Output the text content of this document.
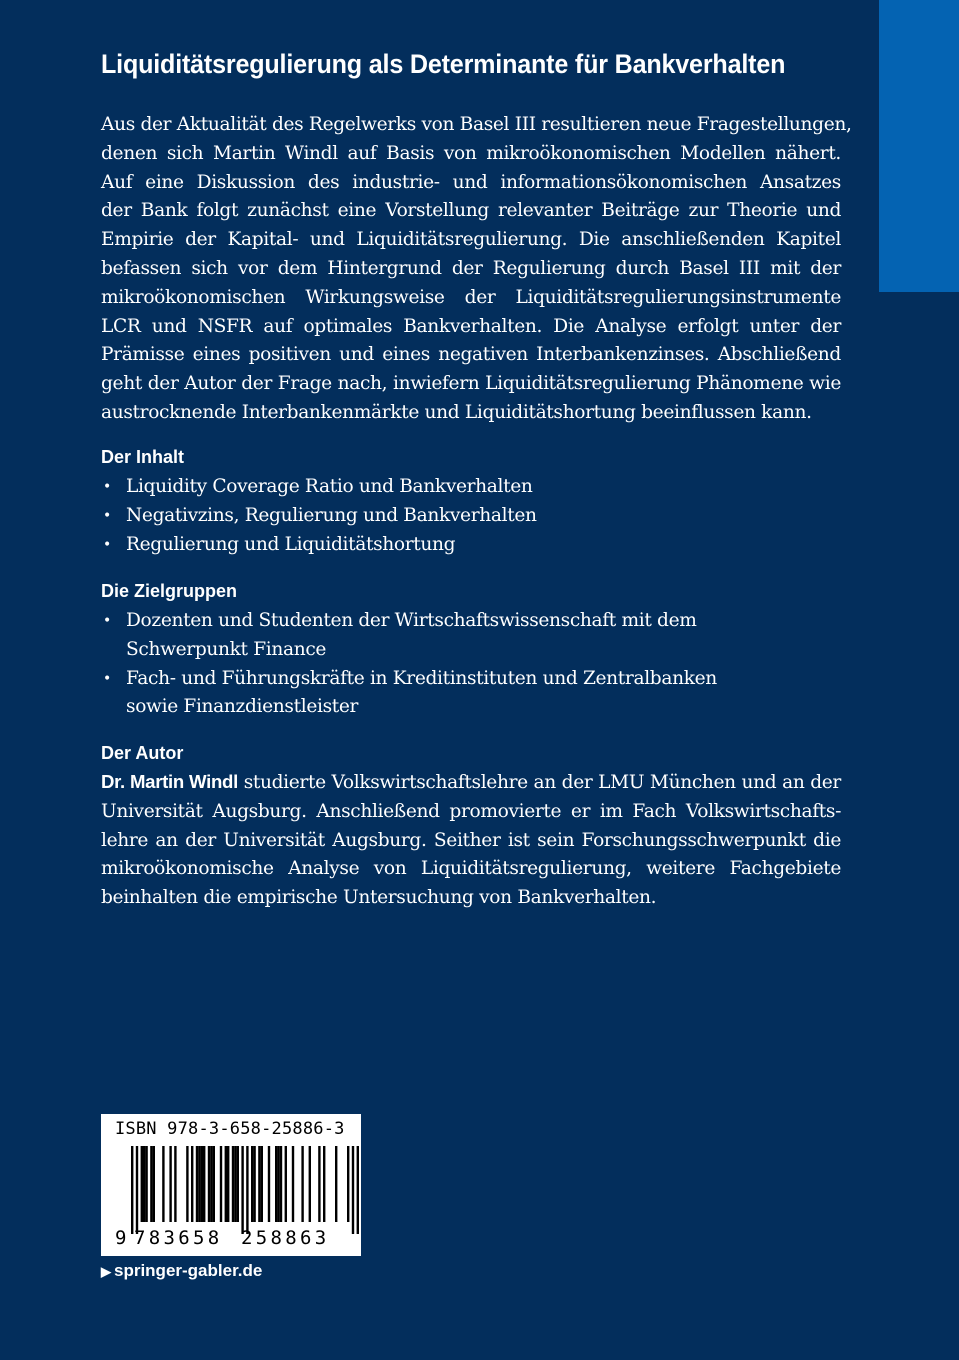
Liquiditätsregulierung als Determinante für Bankverhalten
Aus der Aktualität des Regelwerks von Basel III resultieren neue Fragestellungen,
denen sich Martin Windl auf Basis von mikroökonomischen Modellen nähert.
Auf eine Diskussion des industrie- und informationsökonomischen Ansatzes
der Bank folgt zunächst eine Vorstellung relevanter Beiträge zur Theorie und
Empirie der Kapital- und Liquiditätsregulierung. Die anschließenden Kapitel
befassen sich vor dem Hintergrund der Regulierung durch Basel III mit der
mikroökonomischen Wirkungsweise der Liquiditätsregulierungsinstrumente
LCR und NSFR auf optimales Bankverhalten. Die Analyse erfolgt unter der
Prämisse eines positiven und eines negativen Interbankenzinses. Abschließend
geht der Autor der Frage nach, inwiefern Liquiditätsregulierung Phänomene wie
austrocknende Interbankenmärkte und Liquiditätshortung beeinflussen kann.
Der Inhalt
• Liquidity Coverage Ratio und Bankverhalten
• Negativzins, Regulierung und Bankverhalten
• Regulierung und Liquiditätshortung
Die Zielgruppen
• Dozenten und Studenten der Wirtschaftswissenschaft mit dem
Schwerpunkt Finance
• Fach- und Führungskräfte in Kreditinstituten und Zentralbanken
sowie Finanzdienstleister
Der Autor
Dr. Martin Windl studierte Volkswirtschaftslehre an der LMU München und an der
Universität Augsburg. Anschließend promovierte er im Fach Volkswirtschafts-
lehre an der Universität Augsburg. Seither ist sein Forschungsschwerpunkt die
mikroökonomische Analyse von Liquiditätsregulierung, weitere Fachgebiete
beinhalten die empirische Untersuchung von Bankverhalten.
ISBN 978-3-658-25886-3
9 783658 258863
▶ springer-gabler.de
